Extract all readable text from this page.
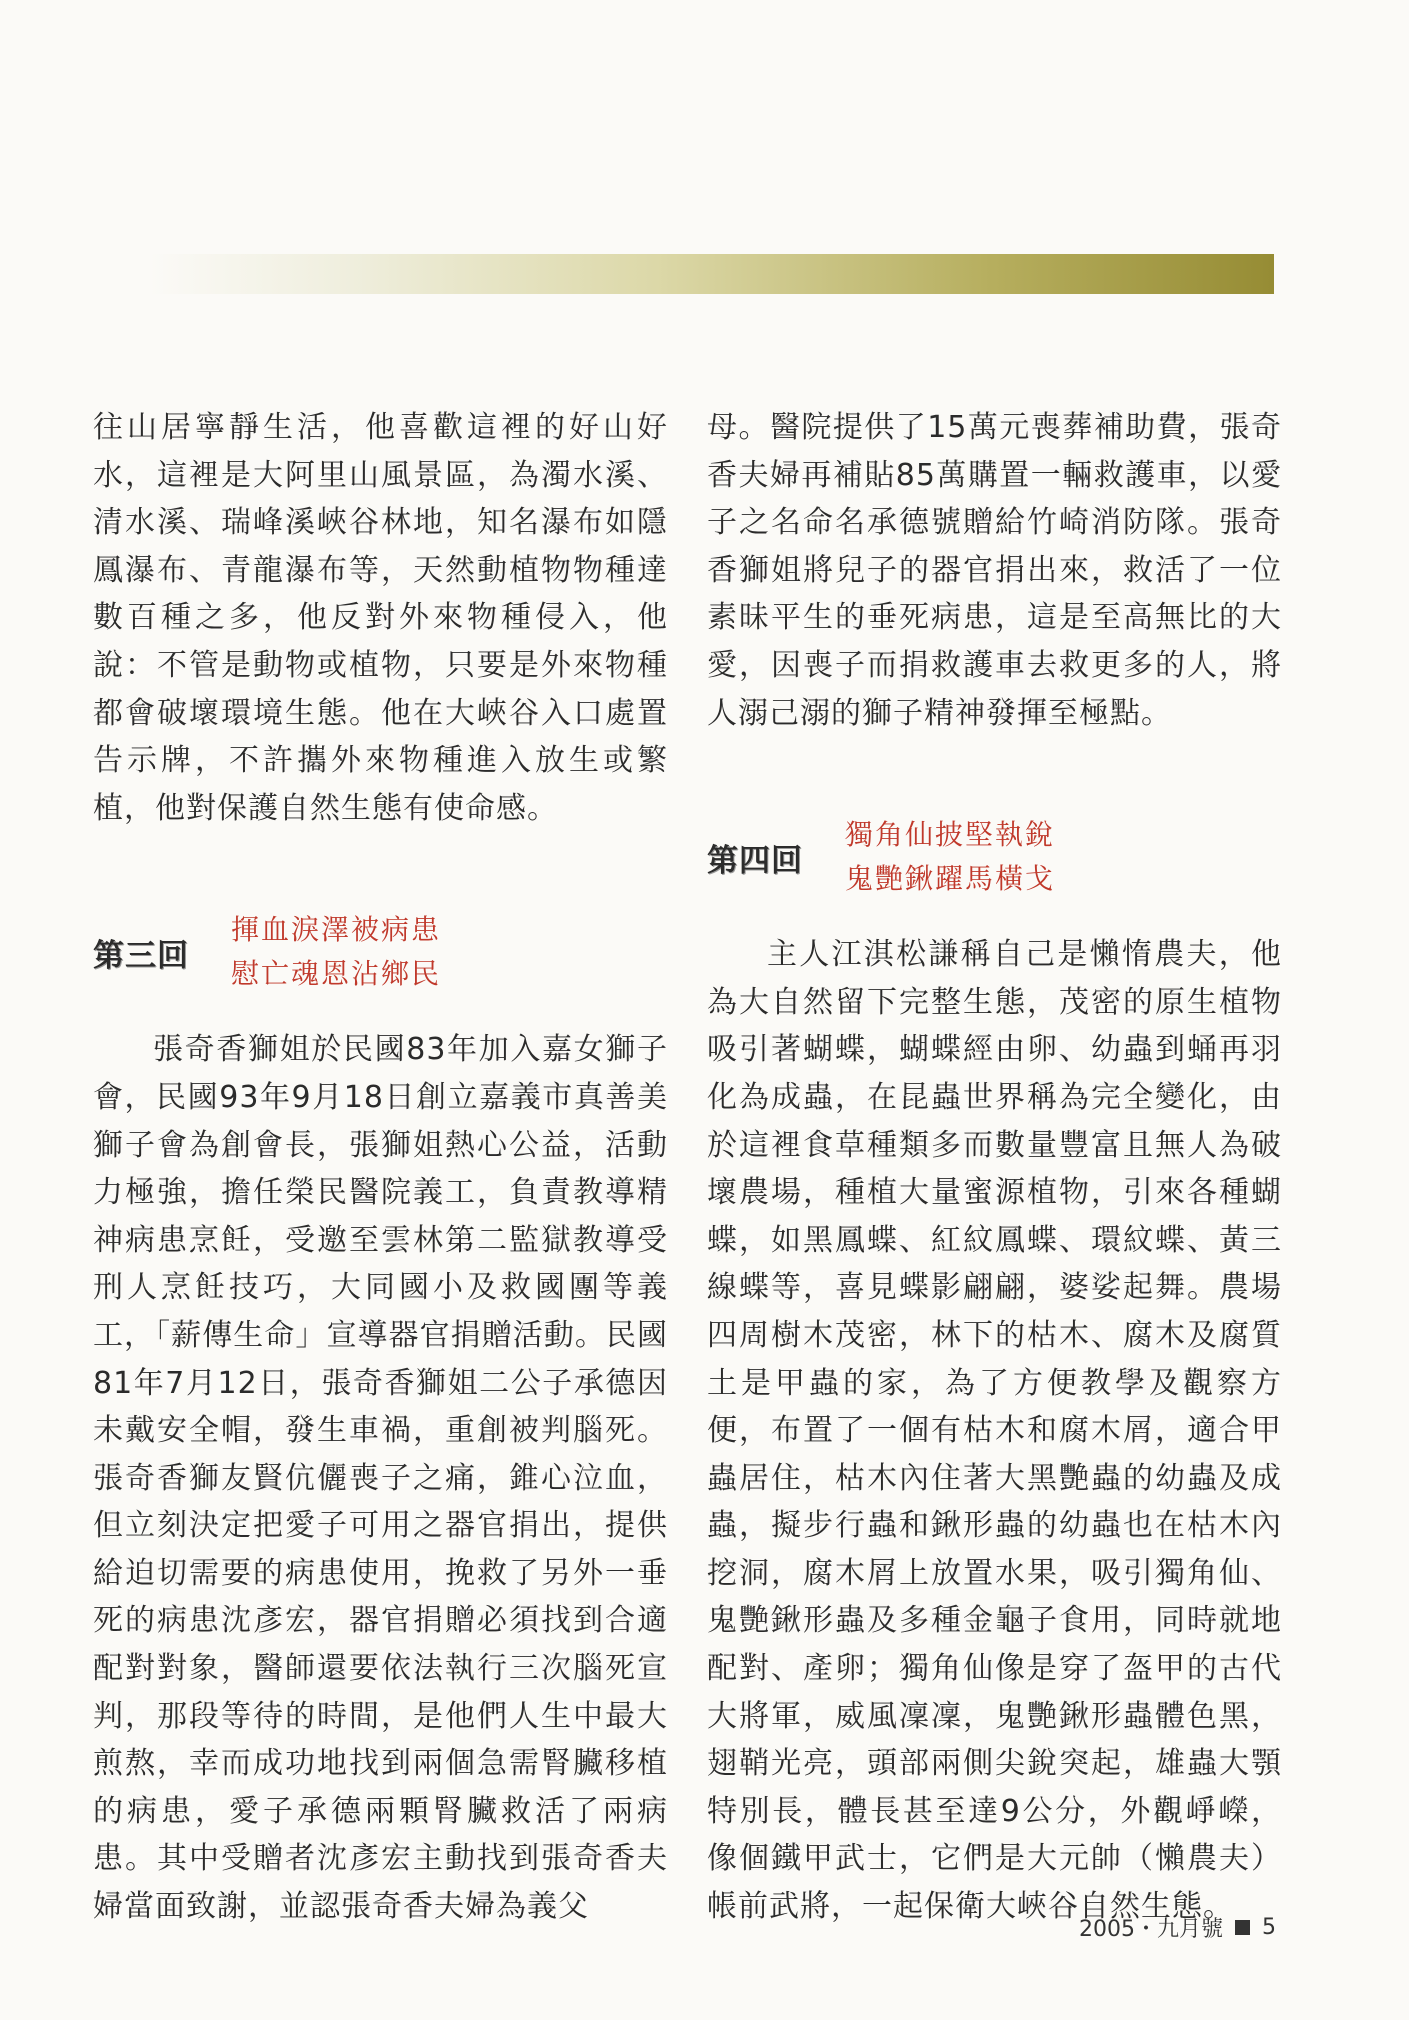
往山居寧靜生活，他喜歡這裡的好山好水，這裡是大阿里山風景區，為濁水溪、清水溪、瑞峰溪峽谷林地，知名瀑布如隱鳳瀑布、青龍瀑布等，天然動植物物種達數百種之多，他反對外來物種侵入，他說：不管是動物或植物，只要是外來物種都會破壞環境生態。他在大峽谷入口處置告示牌，不許攜外來物種進入放生或繁植，他對保護自然生態有使命感。

第三回
揮血淚澤被病患
慰亡魂恩沾鄉民

張奇香獅姐於民國83年加入嘉女獅子會，民國93年9月18日創立嘉義市真善美獅子會為創會長，張獅姐熱心公益，活動力極強，擔任榮民醫院義工，負責教導精神病患烹飪，受邀至雲林第二監獄教導受刑人烹飪技巧，大同國小及救國團等義工，「薪傳生命」宣導器官捐贈活動。民國81年7月12日，張奇香獅姐二公子承德因未戴安全帽，發生車禍，重創被判腦死。張奇香獅友賢伉儷喪子之痛，錐心泣血，但立刻決定把愛子可用之器官捐出，提供給迫切需要的病患使用，挽救了另外一垂死的病患沈彥宏，器官捐贈必須找到合適配對對象，醫師還要依法執行三次腦死宣判，那段等待的時間，是他們人生中最大煎熬，幸而成功地找到兩個急需腎臟移植的病患，愛子承德兩顆腎臟救活了兩病患。其中受贈者沈彥宏主動找到張奇香夫婦當面致謝，並認張奇香夫婦為義父

母。醫院提供了15萬元喪葬補助費，張奇香夫婦再補貼85萬購置一輛救護車，以愛子之名命名承德號贈給竹崎消防隊。張奇香獅姐將兒子的器官捐出來，救活了一位素昧平生的垂死病患，這是至高無比的大愛，因喪子而捐救護車去救更多的人，將人溺己溺的獅子精神發揮至極點。

第四回
獨角仙披堅執銳
鬼艷鍬躍馬橫戈

主人江淇松謙稱自己是懶惰農夫，他為大自然留下完整生態，茂密的原生植物吸引著蝴蝶，蝴蝶經由卵、幼蟲到蛹再羽化為成蟲，在昆蟲世界稱為完全變化，由於這裡食草種類多而數量豐富且無人為破壞農場，種植大量蜜源植物，引來各種蝴蝶，如黑鳳蝶、紅紋鳳蝶、環紋蝶、黃三線蝶等，喜見蝶影翩翩，婆娑起舞。農場四周樹木茂密，林下的枯木、腐木及腐質土是甲蟲的家，為了方便教學及觀察方便，布置了一個有枯木和腐木屑，適合甲蟲居住，枯木內住著大黑艷蟲的幼蟲及成蟲，擬步行蟲和鍬形蟲的幼蟲也在枯木內挖洞，腐木屑上放置水果，吸引獨角仙、鬼艷鍬形蟲及多種金龜子食用，同時就地配對、產卵；獨角仙像是穿了盔甲的古代大將軍，威風凜凜，鬼艷鍬形蟲體色黑，翅鞘光亮，頭部兩側尖銳突起，雄蟲大顎特別長，體長甚至達9公分，外觀崢嶸，像個鐵甲武士，它們是大元帥（懶農夫）帳前武將，一起保衛大峽谷自然生態。

2005・九月號 5
